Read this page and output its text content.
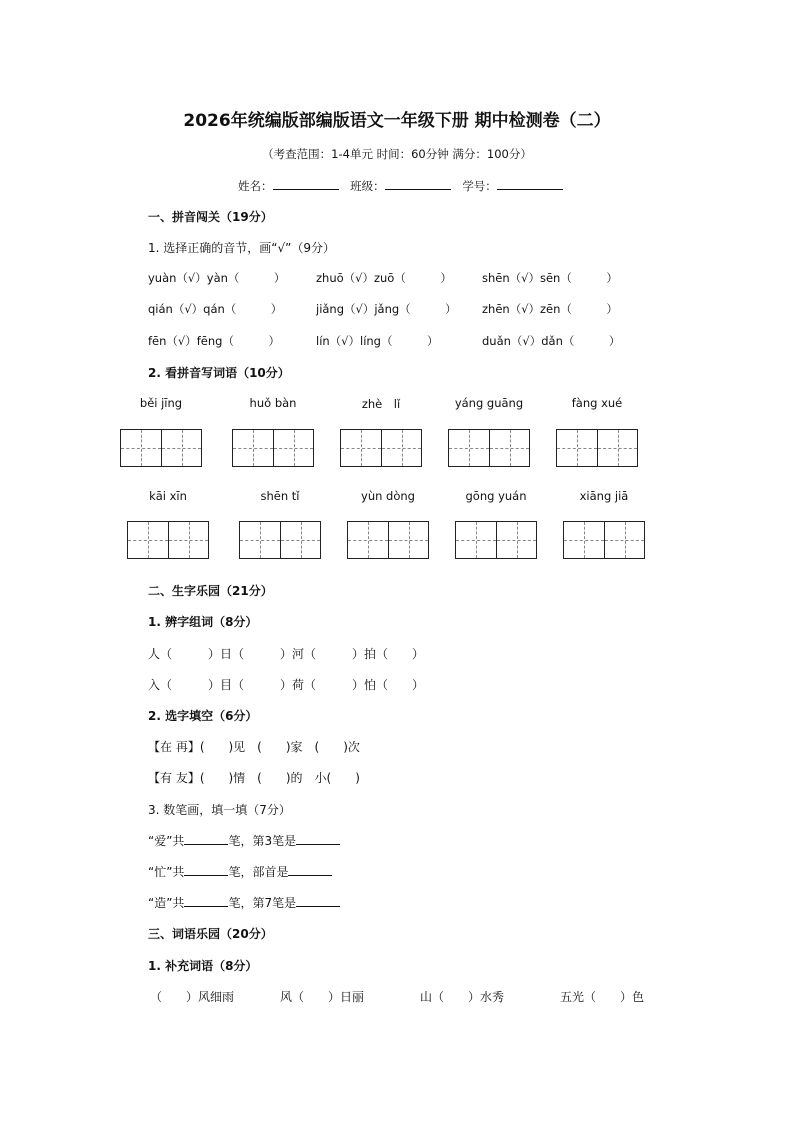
2026年统编版部编版语文一年级下册 期中检测卷（二）
（考查范围：1-4单元 时间：60分钟 满分：100分）
姓名：	班级：	学号：
一、拼音闯关（19分）
1. 选择正确的音节，画“√”（9分）
yuàn（√）yàn（　　　）	zhuō（√）zuō（　　　）	shēn（√）sēn（　　　）
qián（√）qán（　　　）	jiǎng（√）jǎng（　　　） zhēn（√）zēn（　　　）
fēn（√）fēng（　　　）	lín（√）líng（　　　）	duǎn（√）dǎn（　　　）
2. 看拼音写词语（10分）
běi jīng	huǒ bàn	zhè　lǐ	yáng guāng	fàng xué
kāi xīn	shēn tǐ	yùn dòng	gōng yuán	xiāng jiā
二、生字乐园（21分）
1. 辨字组词（8分）
人（　　　）日（　　　）河（　　　）拍（　　）
入（　　　）目（　　　）荷（　　　）怕（　　）
2. 选字填空（6分）
【在 再】(　　)见　(　　)家　(　　)次
【有 友】(　　)情　(　　)的　小(　　)
3. 数笔画，填一填（7分）
“爱”共	笔，第3笔是
“忙”共	笔，部首是
“造”共	笔，第7笔是
三、词语乐园（20分）
1. 补充词语（8分）
（　　）风细雨	风（　　）日丽	山（　　）水秀	五光（　　）色
